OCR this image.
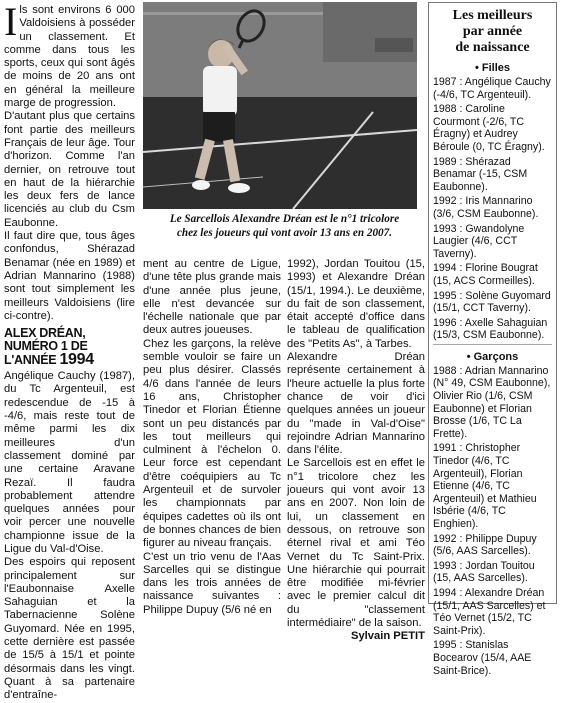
I ls sont environs 6 000 Valdoisiens à posséder un classement. Et comme dans tous les sports, ceux qui sont âgés de moins de 20 ans ont en général la meilleure marge de progression.
D'autant plus que certains font partie des meilleurs Français de leur âge. Tour d'horizon. Comme l'an dernier, on retrouve tout en haut de la hiérarchie les deux fers de lance licenciés au club du Csm Eaubonne.
Il faut dire que, tous âges confondus, Shérazad Benamar (née en 1989) et Adrian Mannarino (1988) sont tout simplement les meilleurs Valdoisiens (lire ci-contre).

ALEX DRÉAN, NUMÉRO 1 DE L'ANNÉE 1994

Angélique Cauchy (1987), du Tc Argenteuil, est redescendue de -15 à -4/6, mais reste tout de même parmi les dix meilleures d'un classement dominé par une certaine Aravane Rezaï. Il faudra probablement attendre quelques années pour voir percer une nouvelle championne issue de la Ligue du Val-d'Oise.
Des espoirs qui reposent principalement sur l'Eaubonnaise Axelle Sahaguian et la Tabernacienne Solène Guyomard. Née en 1995, cette dernière est passée de 15/5 à 15/1 et pointe désormais dans les vingt. Quant à sa partenaire d'entraîne-

Le Sarcellois Alexandre Dréan est le n°1 tricolore
chez les joueurs qui vont avoir 13 ans en 2007.

ment au centre de Ligue, d'une tête plus grande mais d'une année plus jeune, elle n'est devancée sur l'échelle nationale que par deux autres joueuses.
Chez les garçons, la relève semble vouloir se faire un peu plus désirer. Classés 4/6 dans l'année de leurs 16 ans, Christopher Tinedor et Florian Étienne sont un peu distancés par les tout meilleurs qui culminent à l'échelon 0. Leur force est cependant d'être coéquipiers au Tc Argenteuil et de survoler les championnats par équipes cadettes où ils ont de bonnes chances de bien figurer au niveau français.
C'est un trio venu de l'Aas Sarcelles qui se distingue dans les trois années de naissance suivantes : Philippe Dupuy (5/6 né en

1992), Jordan Touitou (15, 1993) et Alexandre Dréan (15/1, 1994.). Le deuxième, du fait de son classement, était accepté d'office dans le tableau de qualification des "Petits As", à Tarbes.
Alexandre Dréan représente certainement à l'heure actuelle la plus forte chance de voir d'ici quelques années un joueur du "made in Val-d'Oise" rejoindre Adrian Mannarino dans l'élite.
Le Sarcellois est en effet le n°1 tricolore chez les joueurs qui vont avoir 13 ans en 2007. Non loin de lui, un classement en dessous, on retrouve son éternel rival et ami Téo Vernet du Tc Saint-Prix. Une hiérarchie qui pourrait être modifiée mi-février avec le premier calcul dit du "classement intermédiaire" de la saison.

Sylvain PETIT
Les meilleurs
par année
de naissance
• Filles
1987 : Angélique Cauchy (-4/6, TC Argenteuil).
1988 : Caroline Courmont (-2/6, TC Éragny) et Audrey Béroule (0, TC Éragny).
1989 : Shérazad Benamar (-15, CSM Eaubonne).
1992 : Iris Mannarino (3/6, CSM Eaubonne).
1993 : Gwandolyne Laugier (4/6, CCT Taverny).
1994 : Florine Bougrat (15, ACS Cormeilles).
1995 : Solène Guyomard (15/1, CCT Taverny).
1996 : Axelle Sahaguian (15/3, CSM Eaubonne).
• Garçons
1988 : Adrian Mannarino (N° 49, CSM Eaubonne), Olivier Rio (1/6, CSM Eaubonne) et Florian Brosse (1/6, TC La Frette).
1991 : Christopher Tinedor (4/6, TC Argenteuil), Florian Etienne (4/6, TC Argenteuil) et Mathieu Isbérie (4/6, TC Enghien).
1992 : Philippe Dupuy (5/6, AAS Sarcelles).
1993 : Jordan Touitou (15, AAS Sarcelles).
1994 : Alexandre Dréan (15/1, AAS Sarcelles) et Téo Vernet (15/2, TC Saint-Prix).
1995 : Stanislas Bocearov (15/4, AAE Saint-Brice).
